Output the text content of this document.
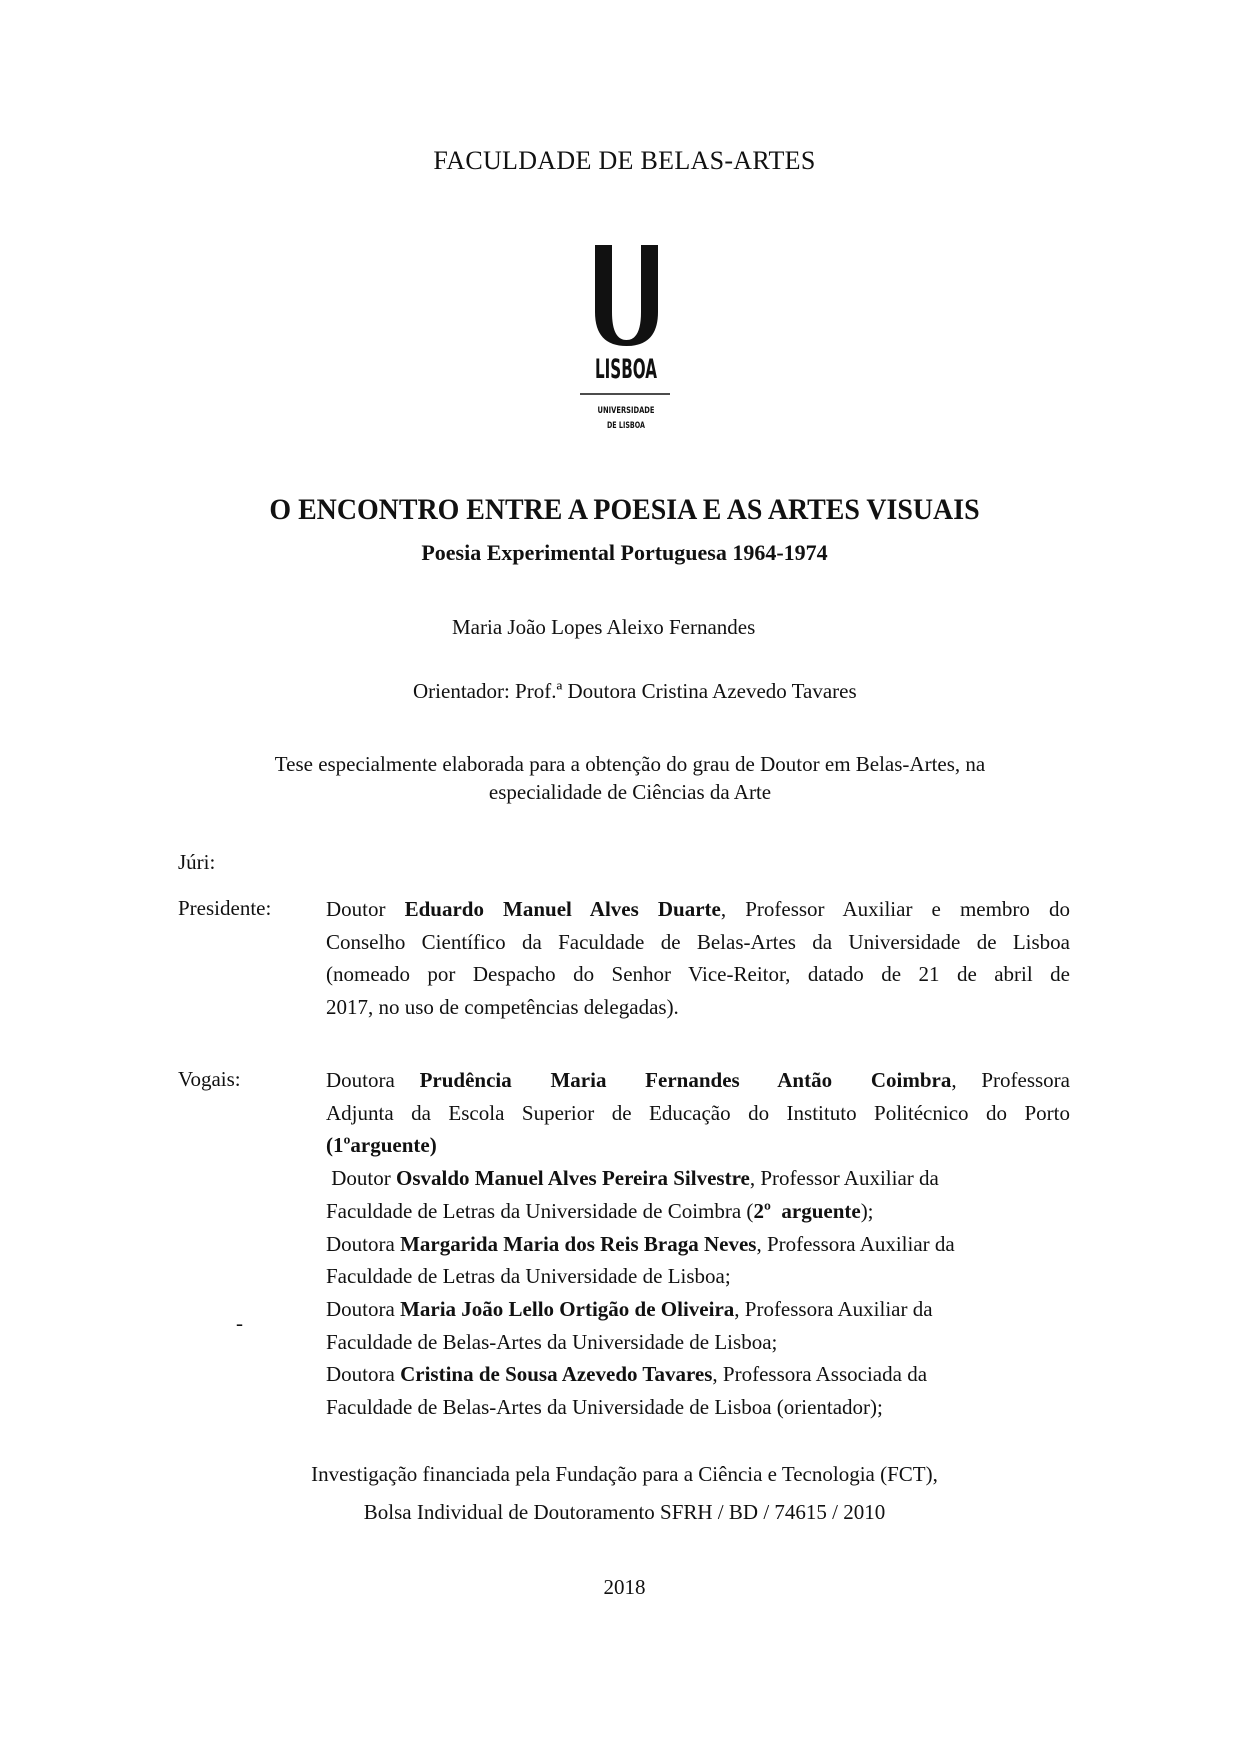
FACULDADE DE BELAS-ARTES
LISBOA
UNIVERSIDADE
DE LISBOA
O ENCONTRO ENTRE A POESIA E AS ARTES VISUAIS
Poesia Experimental Portuguesa 1964-1974
Maria João Lopes Aleixo Fernandes
Orientador: Prof.ª Doutora Cristina Azevedo Tavares
Tese especialmente elaborada para a obtenção do grau de Doutor em Belas-Artes, na
especialidade de Ciências da Arte
Júri:
Presidente:	Doutor Eduardo Manuel Alves Duarte, Professor Auxiliar e membro do
Conselho Científico da Faculdade de Belas-Artes da Universidade de Lisboa
(nomeado por Despacho do Senhor Vice-Reitor, datado de 21 de abril de
2017, no uso de competências delegadas).
Vogais:	Doutora Prudência Maria Fernandes Antão Coimbra, Professora
Adjunta da Escola Superior de Educação do Instituto Politécnico do Porto
(1ºarguente)
Doutor Osvaldo Manuel Alves Pereira Silvestre, Professor Auxiliar da
Faculdade de Letras da Universidade de Coimbra (2º  arguente);
Doutora Margarida Maria dos Reis Braga Neves, Professora Auxiliar da
Faculdade de Letras da Universidade de Lisboa;
Doutora Maria João Lello Ortigão de Oliveira, Professora Auxiliar da
Faculdade de Belas-Artes da Universidade de Lisboa;
Doutora Cristina de Sousa Azevedo Tavares, Professora Associada da
Faculdade de Belas-Artes da Universidade de Lisboa (orientador);
-
Investigação financiada pela Fundação para a Ciência e Tecnologia (FCT),
Bolsa Individual de Doutoramento SFRH / BD / 74615 / 2010
2018
